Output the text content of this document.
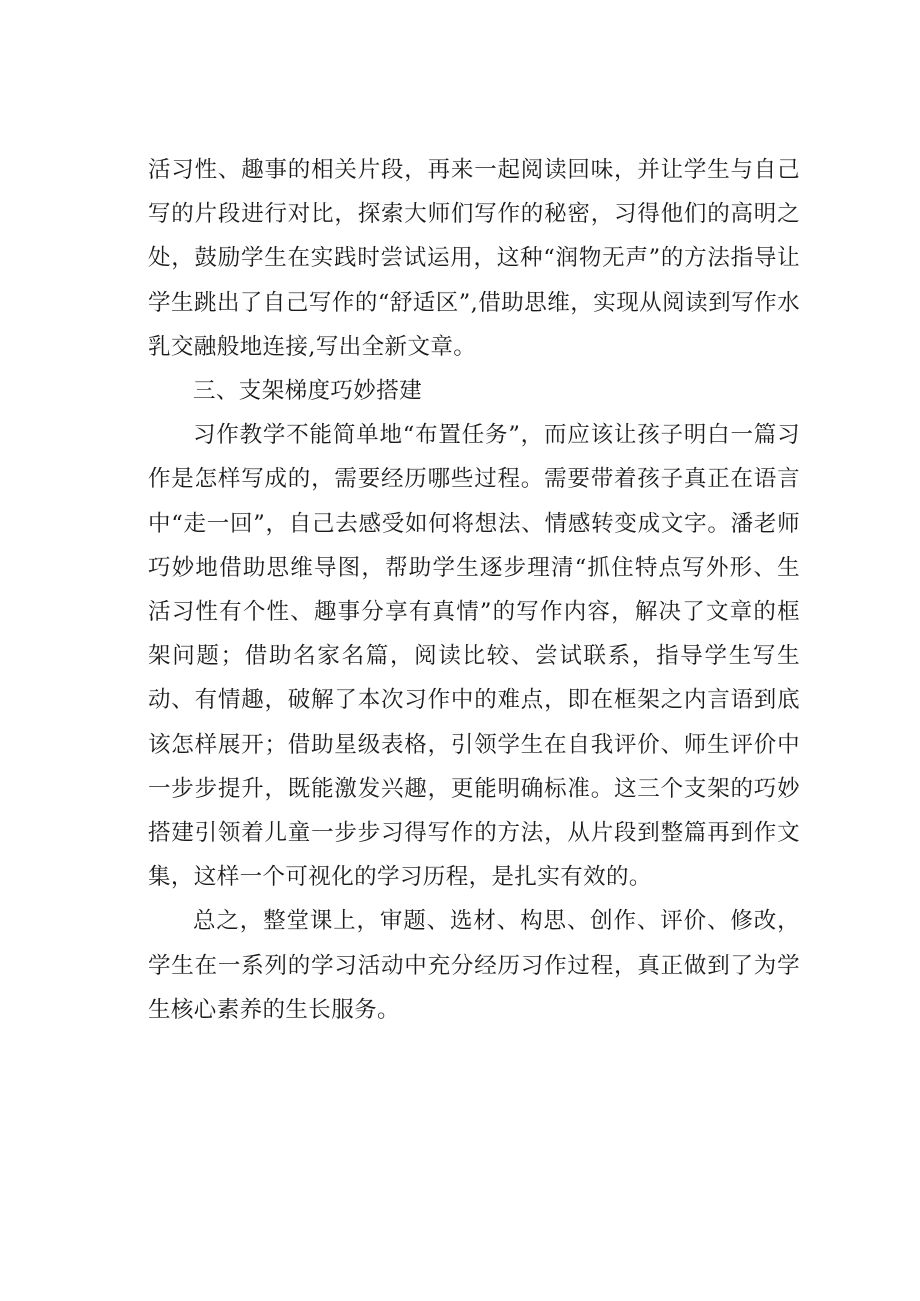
活习性、趣事的相关片段，再来一起阅读回味，并让学生与自己写的片段进行对比，探索大师们写作的秘密，习得他们的高明之处，鼓励学生在实践时尝试运用，这种“润物无声”的方法指导让学生跳出了自己写作的“舒适区”,借助思维，实现从阅读到写作水乳交融般地连接,写出全新文章。

三、支架梯度巧妙搭建

习作教学不能简单地“布置任务”，而应该让孩子明白一篇习作是怎样写成的，需要经历哪些过程。需要带着孩子真正在语言中“走一回”，自己去感受如何将想法、情感转变成文字。潘老师巧妙地借助思维导图，帮助学生逐步理清“抓住特点写外形、生活习性有个性、趣事分享有真情”的写作内容，解决了文章的框架问题；借助名家名篇，阅读比较、尝试联系，指导学生写生动、有情趣，破解了本次习作中的难点，即在框架之内言语到底该怎样展开；借助星级表格，引领学生在自我评价、师生评价中一步步提升，既能激发兴趣，更能明确标准。这三个支架的巧妙搭建引领着儿童一步步习得写作的方法，从片段到整篇再到作文集，这样一个可视化的学习历程，是扎实有效的。

总之，整堂课上，审题、选材、构思、创作、评价、修改，学生在一系列的学习活动中充分经历习作过程，真正做到了为学生核心素养的生长服务。
